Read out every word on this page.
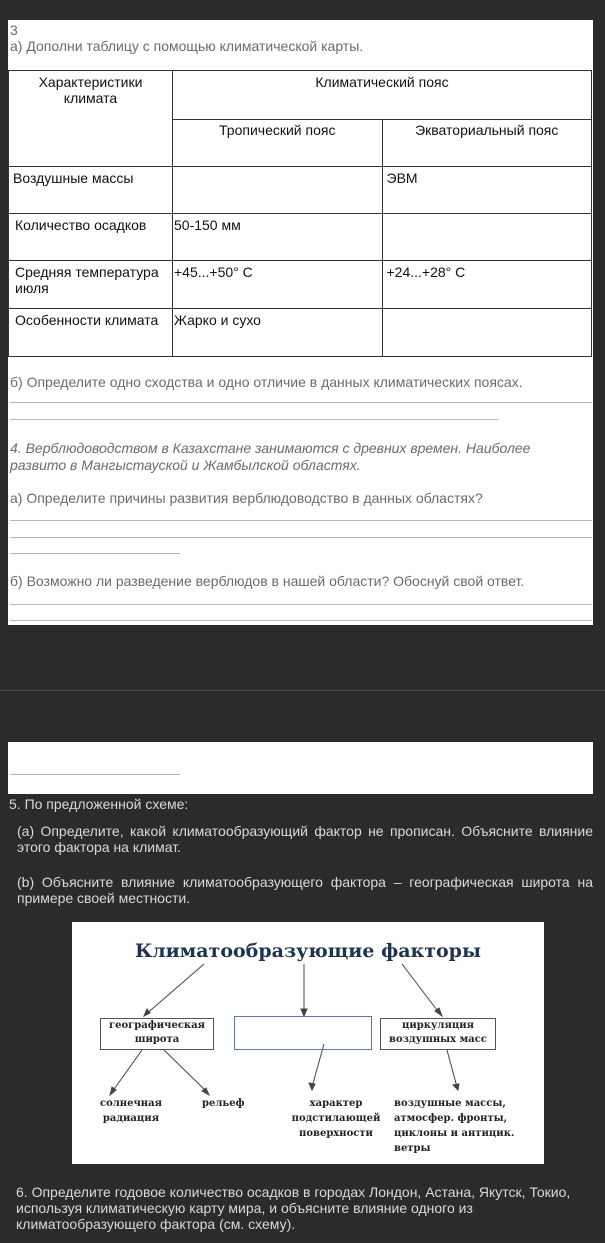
3
а) Дополни таблицу с помощью климатической карты.
Характеристики климата	Климатический пояс	
	Тропический пояс	Экваториальный пояс
Воздушные массы		ЭВМ
Количество осадков	50-150 мм	
Средняя температура июля	+45...+50° С	+24...+28° С
Особенности климата	Жарко и сухо	
б) Определите одно сходства и одно отличие в данных климатических поясах.
4. Верблюдоводством в Казахстане занимаются с древних времен. Наиболее развито в Мангыстауской и Жамбылской областях.
а) Определите причины развития верблюдоводство в данных областях?
б) Возможно ли разведение верблюдов в нашей области? Обоснуй свой ответ.
5. По предложенной схеме:
(a) Определите, какой климатообразующий фактор не прописан. Объясните влияние этого фактора на климат.
(b) Объясните влияние климатообразующего фактора – географическая широта на примере своей местности.
Климатообразующие факторы
географическая широта
циркуляция воздушных масс
солнечная радиация
рельеф	характер подстилающей поверхности
воздушные массы, атмосфер. фронты, циклоны и антицик. ветры
6. Определите годовое количество осадков в городах Лондон, Астана, Якутск, Токио, используя климатическую карту мира, и объясните влияние одного из климатообразующего фактора (см. схему).
